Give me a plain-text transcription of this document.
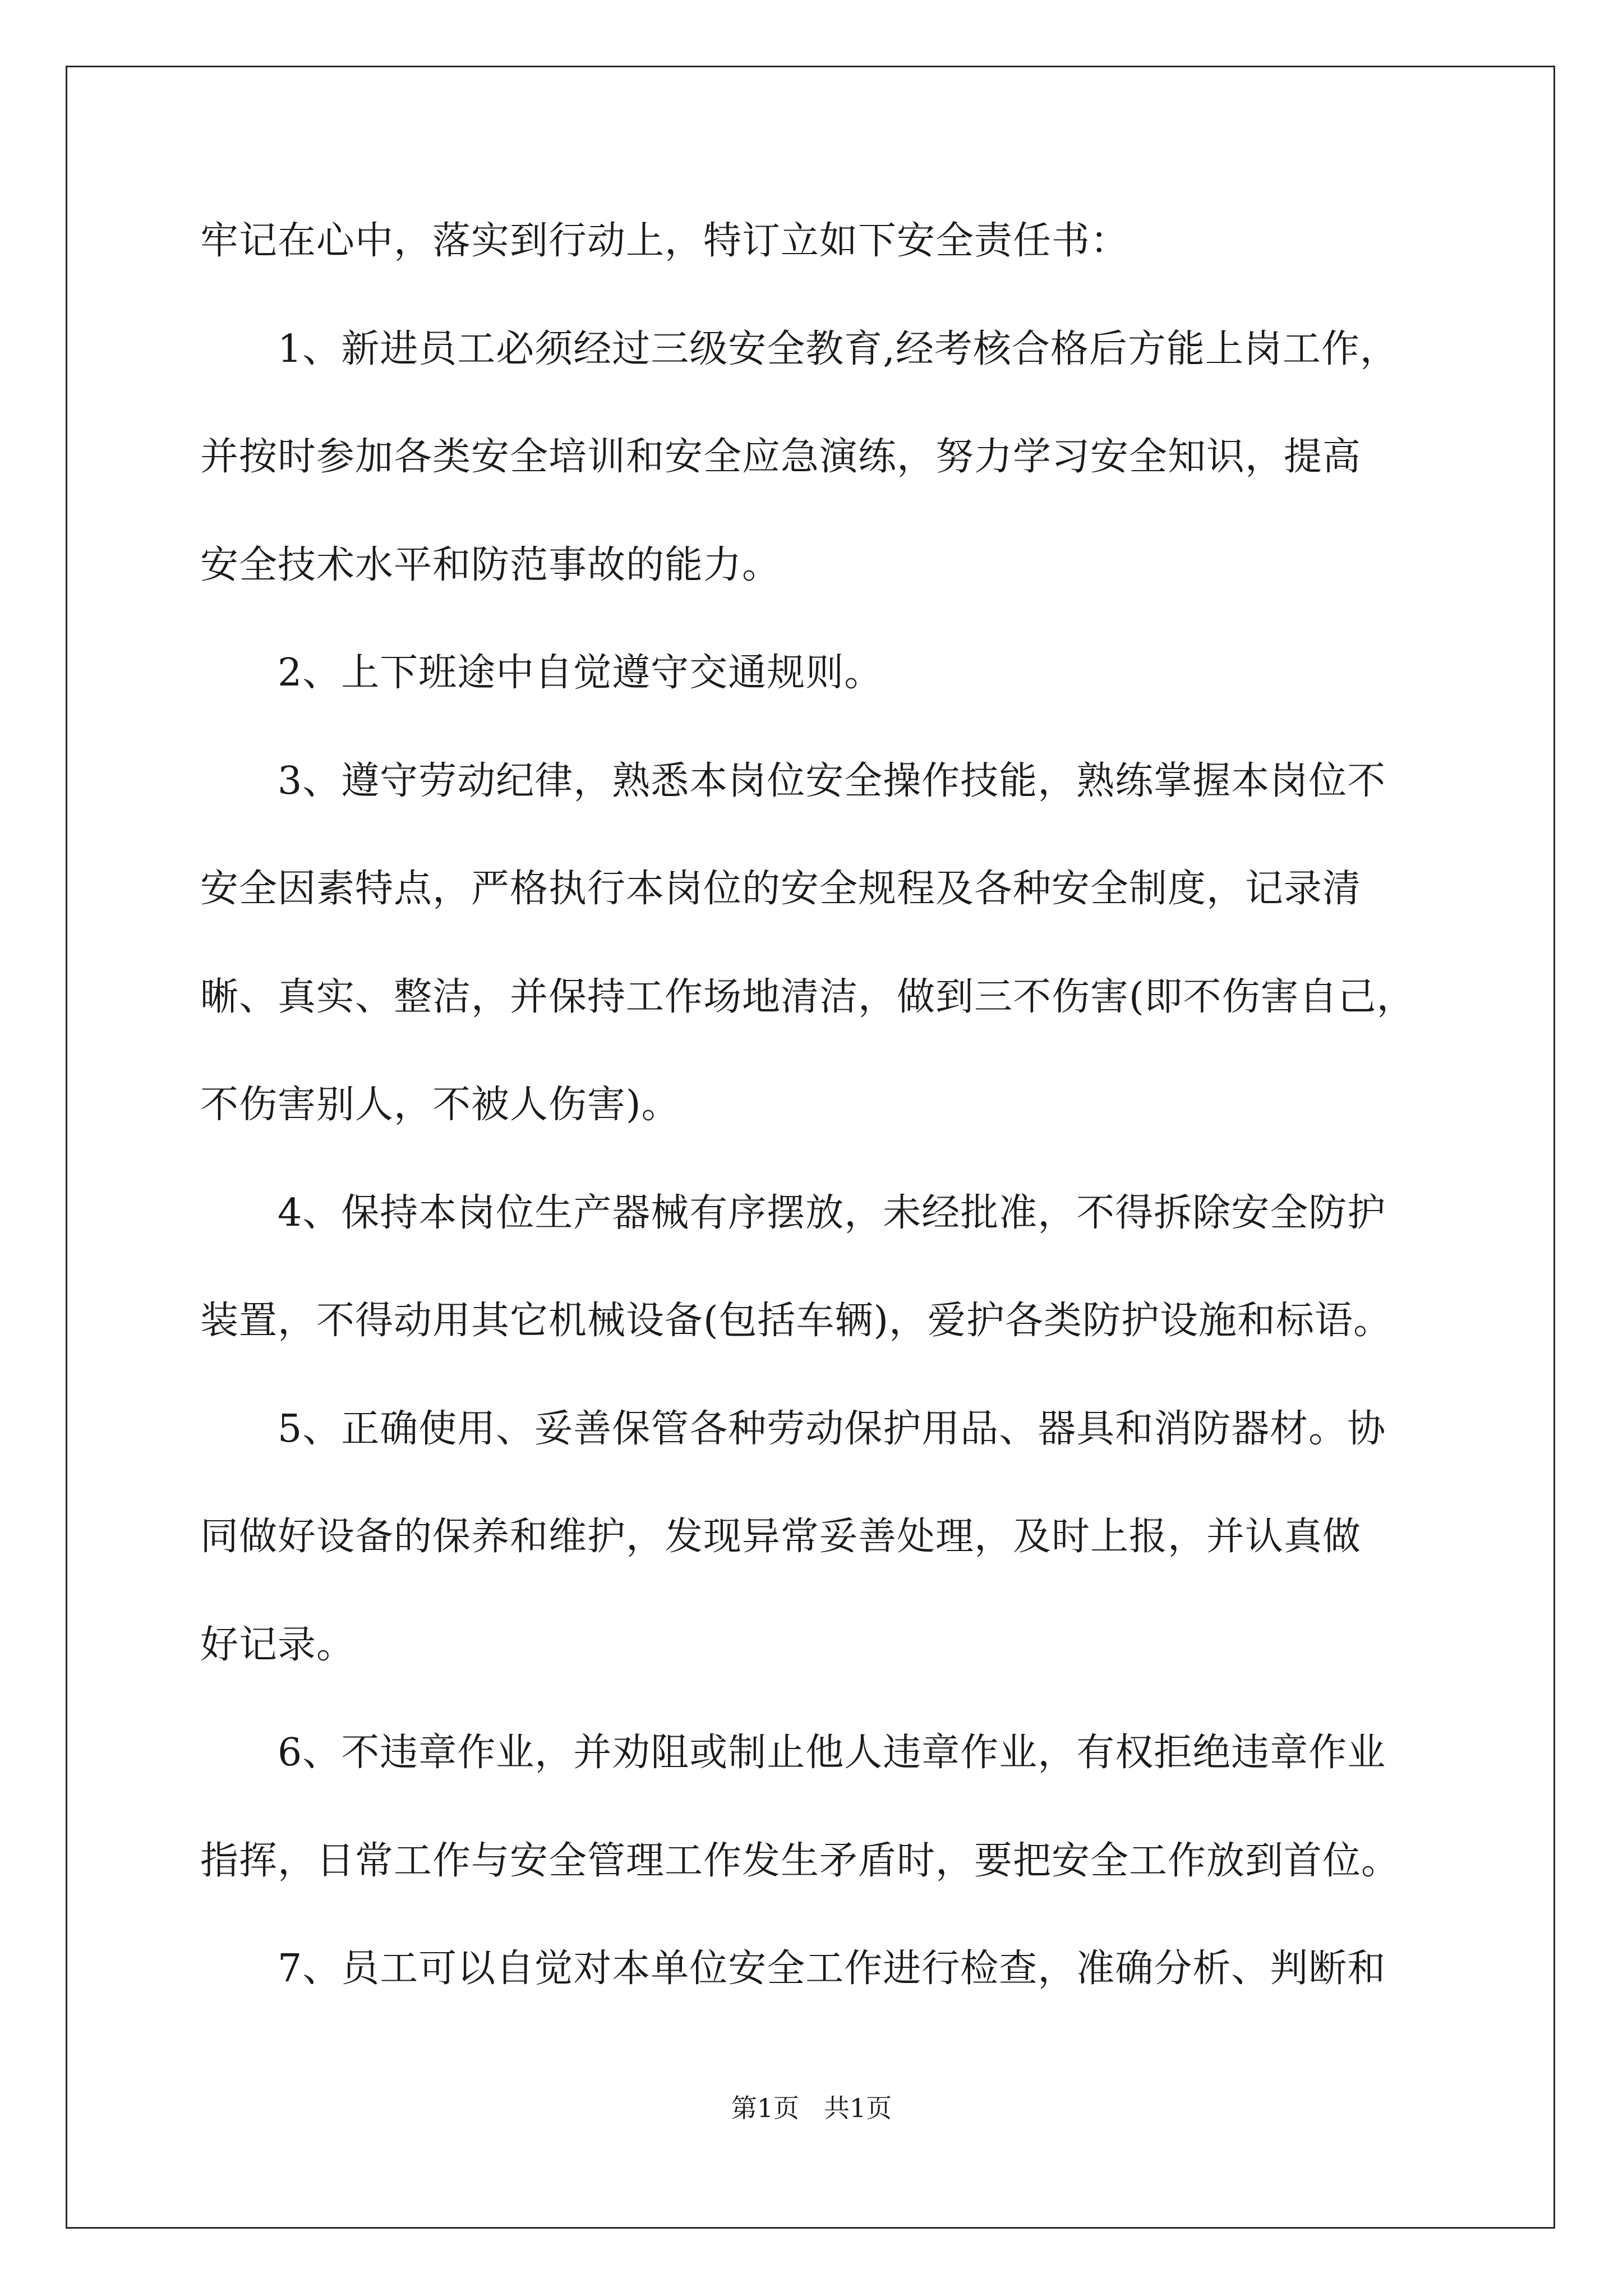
牢记在心中，落实到行动上，特订立如下安全责任书：
1、新进员工必须经过三级安全教育,经考核合格后方能上岗工作，
并按时参加各类安全培训和安全应急演练，努力学习安全知识，提高
安全技术水平和防范事故的能力。
2、上下班途中自觉遵守交通规则。
3、遵守劳动纪律，熟悉本岗位安全操作技能，熟练掌握本岗位不
安全因素特点，严格执行本岗位的安全规程及各种安全制度，记录清
晰、真实、整洁，并保持工作场地清洁，做到三不伤害(即不伤害自己，
不伤害别人，不被人伤害)。
4、保持本岗位生产器械有序摆放，未经批准，不得拆除安全防护
装置，不得动用其它机械设备(包括车辆)，爱护各类防护设施和标语。
5、正确使用、妥善保管各种劳动保护用品、器具和消防器材。协
同做好设备的保养和维护，发现异常妥善处理，及时上报，并认真做
好记录。
6、不违章作业，并劝阻或制止他人违章作业，有权拒绝违章作业
指挥，日常工作与安全管理工作发生矛盾时，要把安全工作放到首位。
7、员工可以自觉对本单位安全工作进行检查，准确分析、判断和
第1页 共1页
